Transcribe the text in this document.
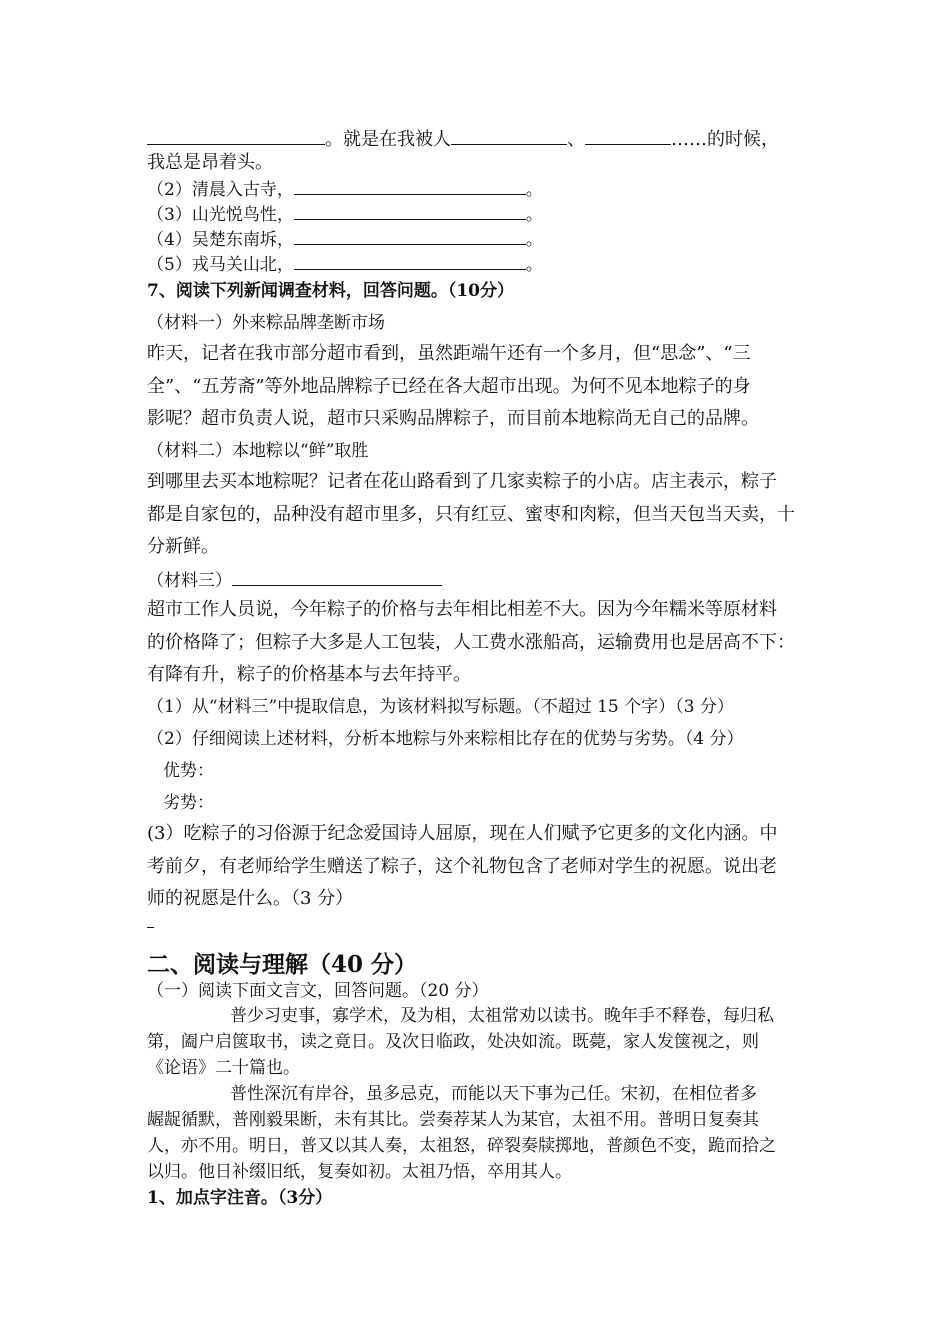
。就是在我被人	、	……的时候，
我总是昂着头。
（2）清晨入古寺，	。
（3）山光悦鸟性，	。
（4）吴楚东南坼，	。
（5）戎马关山北，	。
7、阅读下列新闻调查材料，回答问题。（10分）
（材料一）外来粽品牌垄断市场
昨天，记者在我市部分超市看到，虽然距端午还有一个多月，但“思念”、“三
全”、“五芳斋”等外地品牌粽子已经在各大超市出现。为何不见本地粽子的身
影呢？超市负责人说，超市只采购品牌粽子，而目前本地粽尚无自己的品牌。
（材料二）本地粽以“鲜”取胜
到哪里去买本地粽呢？记者在花山路看到了几家卖粽子的小店。店主表示，粽子
都是自家包的，品种没有超市里多，只有红豆、蜜枣和肉粽，但当天包当天卖，十
分新鲜。
（材料三）
超市工作人员说，今年粽子的价格与去年相比相差不大。因为今年糯米等原材料
的价格降了；但粽子大多是人工包装，人工费水涨船高，运输费用也是居高不下：
有降有升，粽子的价格基本与去年持平。
（1）从“材料三”中提取信息，为该材料拟写标题。（不超过 15 个字）（3 分）
（2）仔细阅读上述材料，分析本地粽与外来粽相比存在的优势与劣势。（4 分）
优势：
劣势：
(3）吃粽子的习俗源于纪念爱国诗人屈原，现在人们赋予它更多的文化内涵。中
考前夕，有老师给学生赠送了粽子，这个礼物包含了老师对学生的祝愿。说出老
师的祝愿是什么。（3 分）
二、阅读与理解（40 分）
（一）阅读下面文言文，回答问题。（20 分）
普少习吏事，寡学术，及为相，太祖常劝以读书。晚年手不释卷，每归私
第，阖户启箧取书，读之竟日。及次日临政，处决如流。既薨，家人发箧视之，则
《论语》二十篇也。
普性深沉有岸谷，虽多忌克，而能以天下事为己任。宋初，在相位者多
龌龊循默，普刚毅果断，未有其比。尝奏荐某人为某官，太祖不用。普明日复奏其
人，亦不用。明日，普又以其人奏，太祖怒，碎裂奏牍掷地，普颜色不变，跪而拾之
以归。他日补缀旧纸，复奏如初。太祖乃悟，卒用其人。
1、加点字注音。（3分）
